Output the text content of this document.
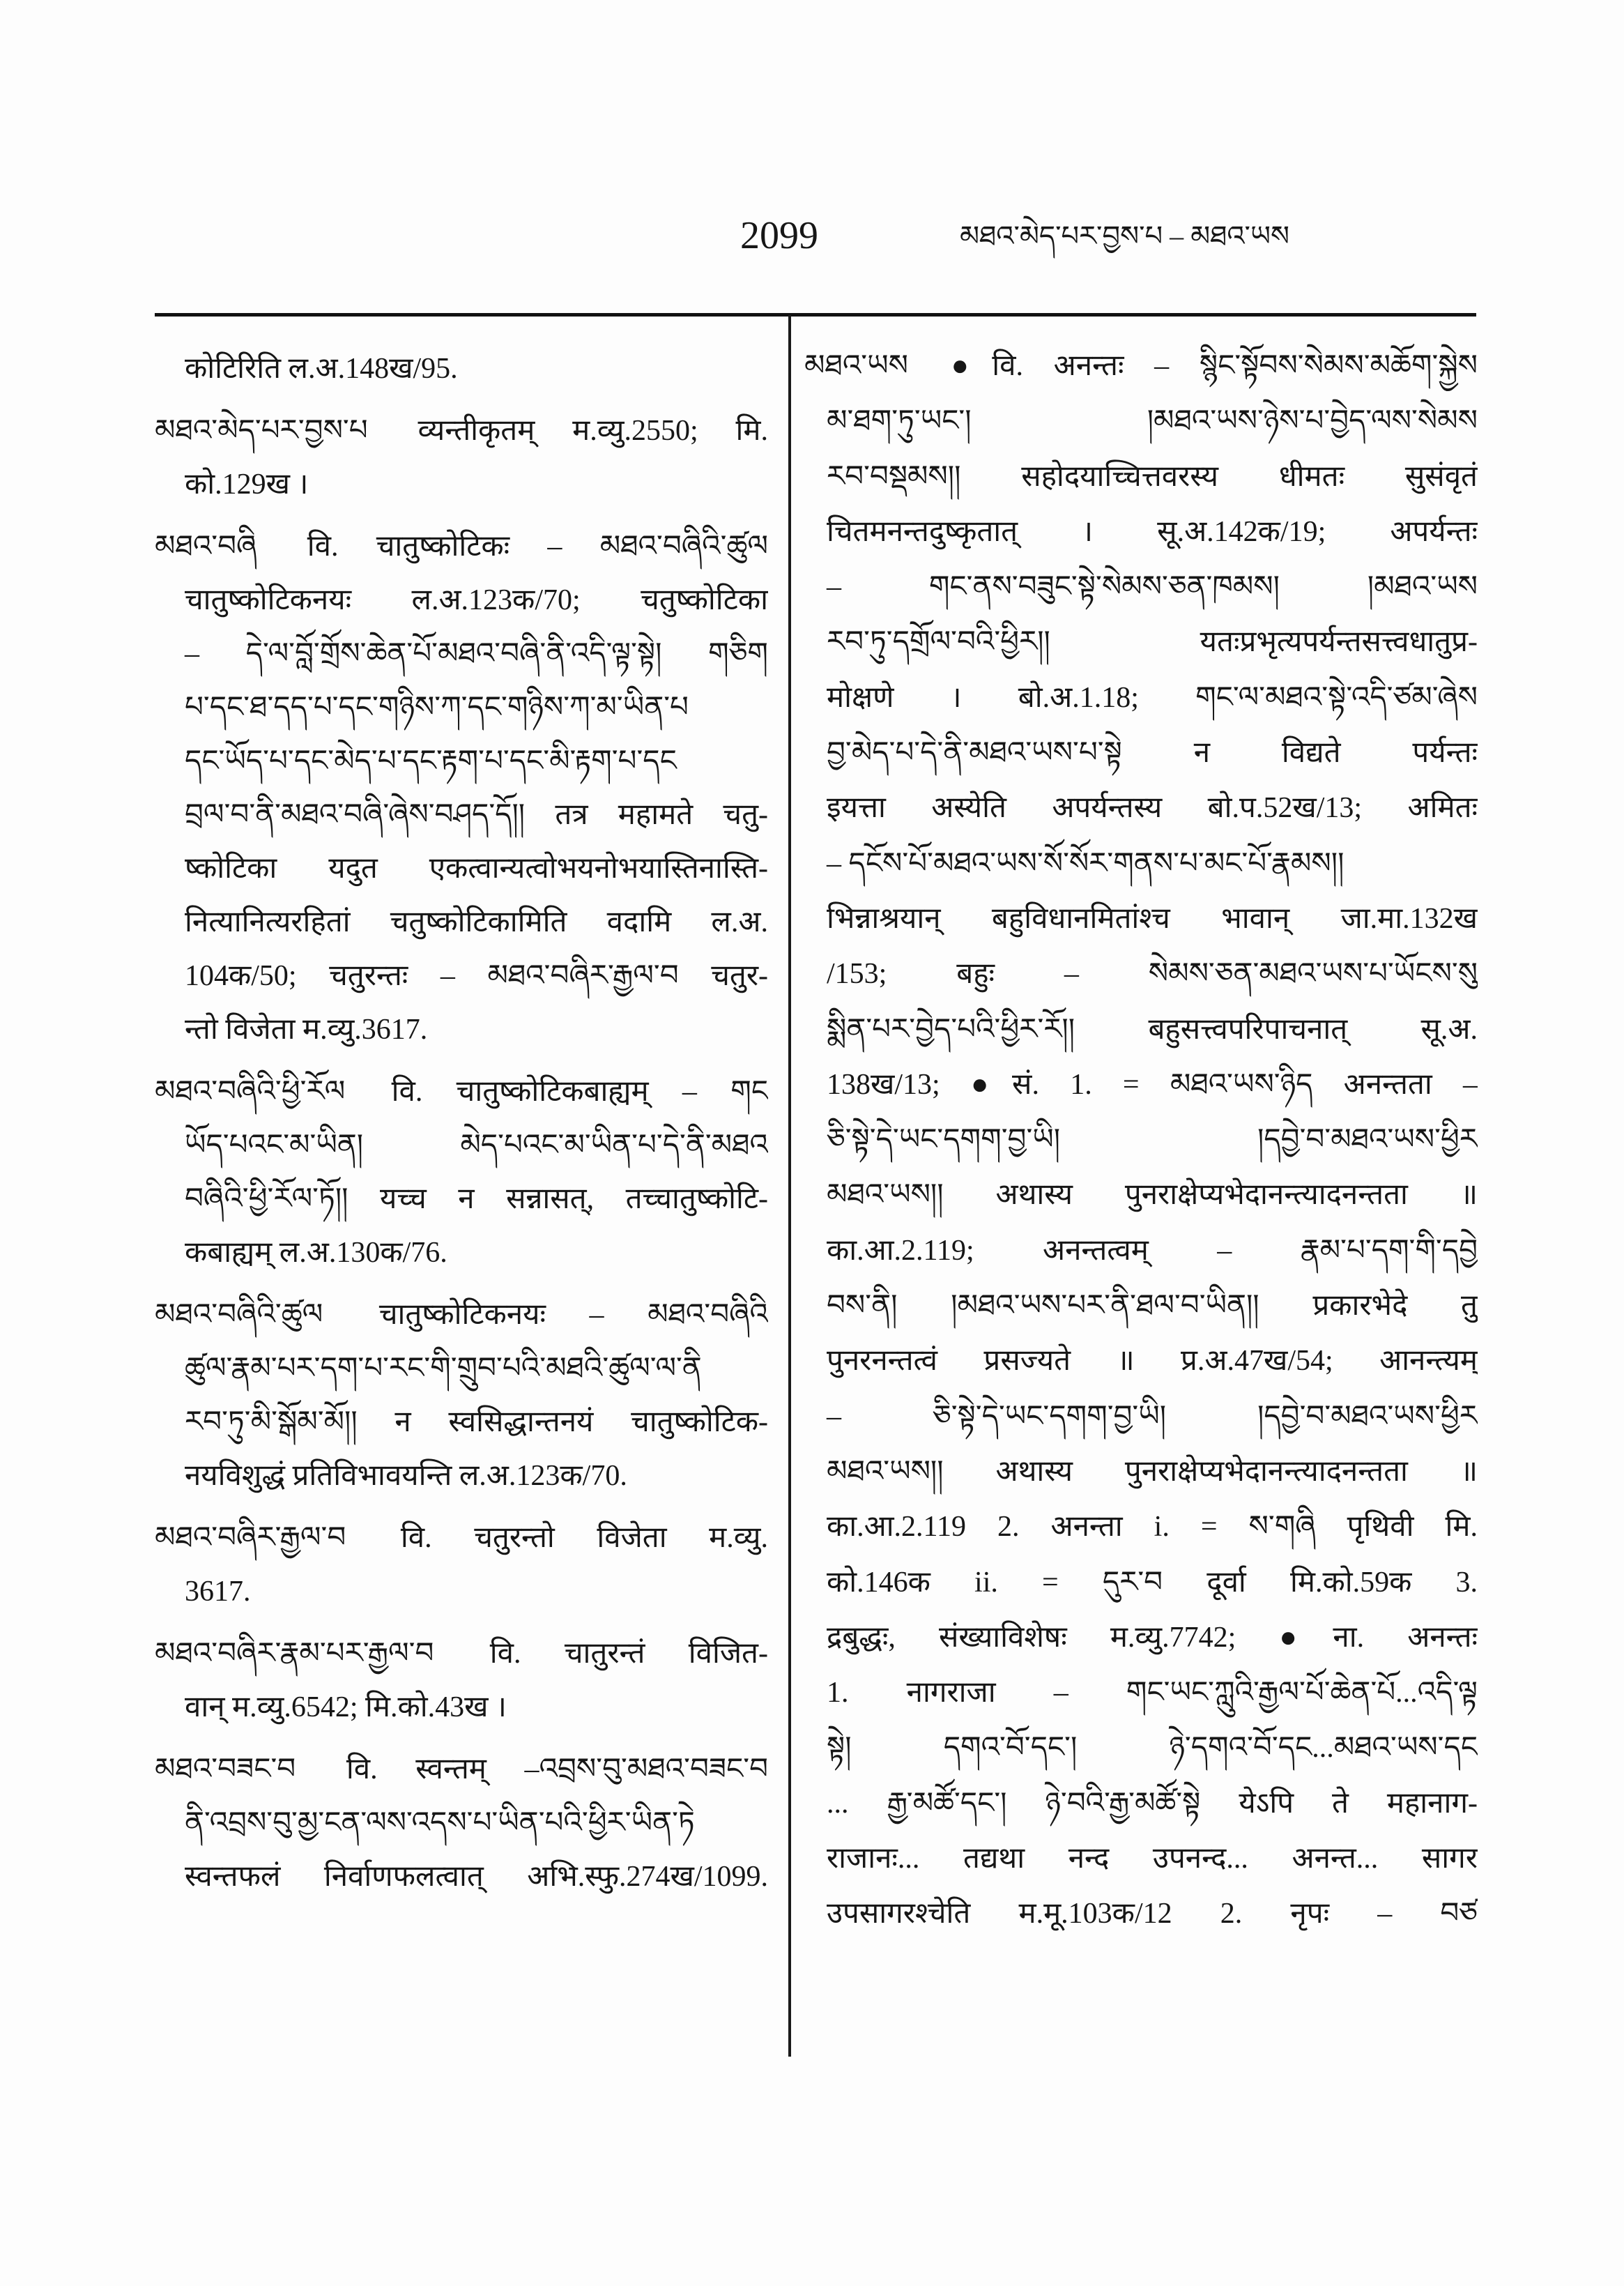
2099	མཐའ་མེད་པར་བྱས་པ – མཐའ་ཡས
कोटिरिति ल.अ.148ख/95.
མཐའ་མེད་པར་བྱས་པ व्यन्तीकृतम् म.व्यु.2550; मि.
को.129ख ।
མཐའ་བཞི वि. चातुष्कोटिकः – མཐའ་བཞིའི་ཚུལ
चातुष्कोटिकनयः ल.अ.123क/70; चतुष्कोटिका
– དེ་ལ་བློ་གྲོས་ཆེན་པོ་མཐའ་བཞི་ནི་འདི་ལྟ་སྟེ། གཅིག
པ་དང་ཐ་དད་པ་དང་གཉིས་ཀ་དང་གཉིས་ཀ་མ་ཡིན་པ
དང་ཡོད་པ་དང་མེད་པ་དང་རྟག་པ་དང་མི་རྟག་པ་དང
བྲལ་བ་ནི་མཐའ་བཞི་ཞེས་བཤད་དོ།། तत्र महामते चतु-
ष्कोटिका यदुत एकत्वान्यत्वोभयनोभयास्तिनास्ति-
नित्यानित्यरहितां चतुष्कोटिकामिति वदामि ल.अ.
104क/50; चतुरन्तः – མཐའ་བཞིར་རྒྱལ་བ चतुर-
न्तो विजेता म.व्यु.3617.
མཐའ་བཞིའི་ཕྱི་རོལ वि. चातुष्कोटिकबाह्यम् – གང
ཡོད་པའང་མ་ཡིན། མེད་པའང་མ་ཡིན་པ་དེ་ནི་མཐའ
བཞིའི་ཕྱི་རོལ་ཏོ།། यच्च न सन्नासत्, तच्चातुष्कोटि-
कबाह्यम् ल.अ.130क/76.
མཐའ་བཞིའི་ཚུལ चातुष्कोटिकनयः – མཐའ་བཞིའི
ཚུལ་རྣམ་པར་དག་པ་རང་གི་གྲུབ་པའི་མཐའི་ཚུལ་ལ་ནི
རབ་ཏུ་མི་སྒོམ་མོ།། न स्वसिद्धान्तनयं चातुष्कोटिक-
नयविशुद्धं प्रतिविभावयन्ति ल.अ.123क/70.
མཐའ་བཞིར་རྒྱལ་བ वि. चतुरन्तो विजेता म.व्यु.
3617.
མཐའ་བཞིར་རྣམ་པར་རྒྱལ་བ वि. चातुरन्तं विजित-
वान् म.व्यु.6542; मि.को.43ख ।
མཐའ་བཟང་བ वि. स्वन्तम् –འབྲས་བུ་མཐའ་བཟང་བ
ནི་འབྲས་བུ་མྱ་ངན་ལས་འདས་པ་ཡིན་པའི་ཕྱིར་ཡིན་ཏེ
स्वन्तफलं निर्वाणफलत्वात् अभि.स्फु.274ख/1099.
མཐའ་ཡས ●वि. अनन्तः – སྙིང་སྟོབས་སེམས་མཆོག་སྐྱེས
མ་ཐག་ཏུ་ཡང་། །མཐའ་ཡས་ཉེས་པ་བྱེད་ལས་སེམས
རབ་བསྡམས།། सहोदयाच्चित्तवरस्य धीमतः सुसंवृतं
चितमनन्तदुष्कृतात् । सू.अ.142क/19; अपर्यन्तः
– གང་ནས་བཟུང་སྟེ་སེམས་ཅན་ཁམས། །མཐའ་ཡས
རབ་ཏུ་དགྲོལ་བའི་ཕྱིར།། यतःप्रभृत्यपर्यन्तसत्त्वधातुप्र-
मोक्षणे । बो.अ.1.18; གང་ལ་མཐའ་སྟེ་འདི་ཙམ་ཞེས
བྱ་མེད་པ་དེ་ནི་མཐའ་ཡས་པ་སྟེ न विद्यते पर्यन्तः
इयत्ता अस्येति अपर्यन्तस्य बो.प.52ख/13; अमितः
– དངོས་པོ་མཐའ་ཡས་སོ་སོར་གནས་པ་མང་པོ་རྣམས།།
भिन्नाश्रयान् बहुविधानमितांश्च भावान् जा.मा.132ख
/153; बहुः – སེམས་ཅན་མཐའ་ཡས་པ་ཡོངས་སུ
སྨིན་པར་བྱེད་པའི་ཕྱིར་རོ།། बहुसत्त्वपरिपाचनात् सू.अ.
138ख/13; ●सं. 1. = མཐའ་ཡས་ཉིད अनन्तता –
ཅི་སྟེ་དེ་ཡང་དགག་བྱ་ཡི། །དབྱེ་བ་མཐའ་ཡས་ཕྱིར
མཐའ་ཡས།། अथास्य पुनराक्षेप्यभेदानन्त्यादनन्तता ॥
का.आ.2.119; अनन्तत्वम् – རྣམ་པ་དག་གི་དབྱེ
བས་ནི། །མཐའ་ཡས་པར་ནི་ཐལ་བ་ཡིན།། प्रकारभेदे तु
पुनरनन्तत्वं प्रसज्यते ॥ प्र.अ.47ख/54; आनन्त्यम्
– ཅི་སྟེ་དེ་ཡང་དགག་བྱ་ཡི། །དབྱེ་བ་མཐའ་ཡས་ཕྱིར
མཐའ་ཡས།། अथास्य पुनराक्षेप्यभेदानन्त्यादनन्तता ॥
का.आ.2.119 2. अनन्ता i. = ས་གཞི पृथिवी मि.
को.146क ii. = དུར་བ दूर्वा मि.को.59क 3.
द्रबुद्धः, संख्याविशेषः म.व्यु.7742; ●ना. अनन्तः
1. नागराजा – གང་ཡང་ཀླུའི་རྒྱལ་པོ་ཆེན་པོ...འདི་ལྟ
སྟེ། དགའ་བོ་དང་། ཉེ་དགའ་བོ་དང...མཐའ་ཡས་དང
... རྒྱ་མཚོ་དང་། ཉེ་བའི་རྒྱ་མཚོ་སྟེ येऽपि ते महानाग-
राजानः... तद्यथा नन्द उपनन्द... अनन्त... सागर
उपसागरश्चेति म.मू.103क/12 2. नृपः – བཙ
